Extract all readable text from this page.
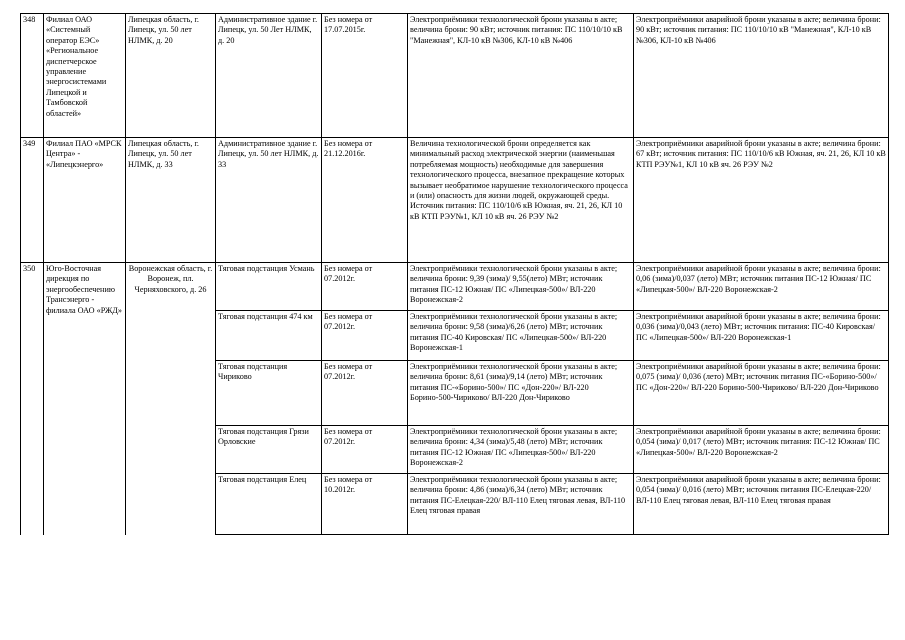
348	Филиал ОАО «Системный оператор ЕЭС» «Региональное диспетчерское управление энергосистемами Липецкой и Тамбовской областей»	Липецкая область, г. Липецк, ул. 50 лет НЛМК, д. 20	Административное здание г. Липецк, ул. 50 Лет НЛМК, д. 20	Без номера от 17.07.2015г.	Электроприёмники технологической брони указаны в акте; величина брони: 90 кВт; источник питания: ПС 110/10/10 кВ "Манежная", КЛ-10 кВ №306, КЛ-10 кВ №406	Электроприёмники аварийной брони указаны в акте; величина брони: 90 кВт; источник питания: ПС 110/10/10 кВ "Манежная", КЛ-10 кВ №306, КЛ-10 кВ №406
349	Филиал ПАО «МРСК Центра» - «Липецкэнерго»	Липецкая область, г. Липецк, ул. 50 лет НЛМК, д. 33	Административное здание г. Липецк, ул. 50 лет НЛМК, д. 33	Без номера от 21.12.2016г.	Величина технологической брони определяется как минимальный расход электрической энергии (наименьшая потребляемая мощность) необходимые для завершения технологического процесса, внезапное прекращение которых вызывает необратимое нарушение технологического процесса и (или) опасность для жизни людей, окружающей среды. Источник питания: ПС 110/10/6 кВ Южная, яч. 21, 26, КЛ 10 кВ КТП РЭУ№1, КЛ 10 кВ яч. 26 РЭУ №2	Электроприёмники аварийной брони указаны в акте; величина брони: 67 кВт; источник питания: ПС 110/10/6 кВ Южная, яч. 21, 26, КЛ 10 кВ КТП РЭУ№1, КЛ 10 кВ яч. 26 РЭУ №2
350	Юго-Восточная дирекция по энергообеспечению Трансэнерго - филиала ОАО «РЖД»	Воронежская область, г. Воронеж, пл. Черняховского, д. 26	Тяговая подстанция Усмань	Без номера от 07.2012г.	Электроприёмники технологической брони указаны в акте; величина брони: 9,39 (зима)/ 9,55(лето) МВт; источник питания ПС-12 Южная/ ПС «Липецкая-500»/ ВЛ-220 Воронежская-2	Электроприёмники аварийной брони указаны в акте; величина брони: 0,06 (зима)/0,037 (лето) МВт; источник питания ПС-12 Южная/ ПС «Липецкая-500»/ ВЛ-220 Воронежская-2
			Тяговая подстанция 474 км	Без номера от 07.2012г.	Электроприёмники технологической брони указаны в акте; величина брони: 9,58 (зима)/6,26 (лето) МВт; источник питания ПС-40 Кировская/ ПС «Липецкая-500»/ ВЛ-220 Воронежская-1	Электроприёмники аварийной брони указаны в акте; величина брони: 0,036 (зима)/0,043 (лето) МВт; источник питания: ПС-40 Кировская/ ПС «Липецкая-500»/ ВЛ-220 Воронежская-1
			Тяговая подстанция Чириково	Без номера от 07.2012г.	Электроприёмники технологической брони указаны в акте; величина брони: 8,61 (зима)/9,14 (лето) МВт; источник питания ПС-«Борино-500»/ ПС «Дон-220»/ ВЛ-220 Борино-500-Чириково/ ВЛ-220 Дон-Чириково	Электроприёмники аварийной брони указаны в акте; величина брони: 0,075 (зима)/ 0,036 (лето) МВт; источник питания ПС-«Борино-500»/ ПС «Дон-220»/ ВЛ-220 Борино-500-Чириково/ ВЛ-220 Дон-Чириково
			Тяговая подстанция Грязи Орловские	Без номера от 07.2012г.	Электроприёмники технологической брони указаны в акте; величина брони: 4,34 (зима)/5,48 (лето) МВт; источник питания ПС-12 Южная/ ПС «Липецкая-500»/ ВЛ-220 Воронежская-2	Электроприёмники аварийной брони указаны в акте; величина брони: 0,054 (зима)/ 0,017 (лето) МВт; источник питания: ПС-12 Южная/ ПС «Липецкая-500»/ ВЛ-220 Воронежская-2
			Тяговая подстанция Елец	Без номера от 10.2012г.	Электроприёмники технологической брони указаны в акте; величина брони: 4,86 (зима)/6,34 (лето) МВт; источник питания ПС-Елецкая-220/ ВЛ-110 Елец тяговая левая, ВЛ-110 Елец тяговая правая	Электроприёмники аварийной брони указаны в акте; величина брони: 0,054 (зима)/ 0,016 (лето) МВт; источник питания ПС-Елецкая-220/ ВЛ-110 Елец тяговая левая, ВЛ-110 Елец тяговая правая
